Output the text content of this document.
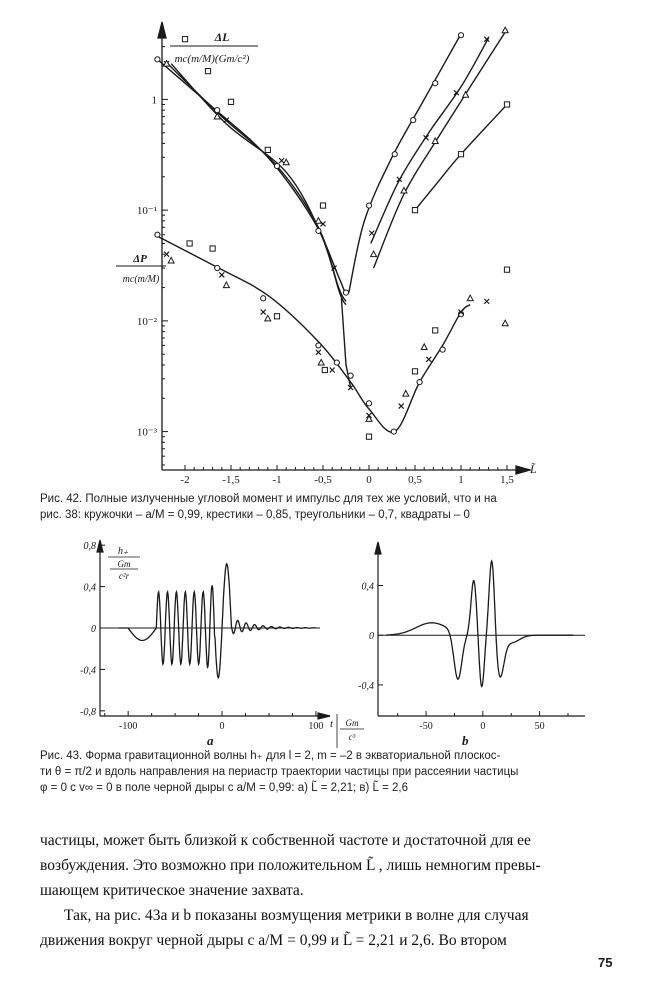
-2	-1,5	-1	-0,5	0	0,5	1	1,5
1
10⁻¹
10⁻²
10⁻³
ΔL
mc(m/M)(Gm/c²)
ΔP
mc(m/M)
L̃
Рис. 42. Полные излученные угловой момент и импульс для тех же условий, что и на
рис. 38: кружочки – a/M = 0,99, крестики – 0,85, треугольники – 0,7, квадраты – 0
0,8
0,4
0
-0,4
-0,8
-100	0	100
h₊
Gm
c²r
t Gm
c³
a
0,4
0
-0,4
-50	0	50
b
Рис. 43. Форма гравитационной волны h₊ для l = 2, m = –2 в экваториальной плоскос-
ти θ = π/2 и вдоль направления на периастр траектории частицы при рассеянии частицы
φ = 0 с v∞ = 0 в поле черной дыры с a/M = 0,99: а) L̃ = 2,21; в) L̃ = 2,6
частицы, может быть близкой к собственной частоте и достаточной для ее
возбуждения. Это возможно при положительном L̃ , лишь немногим превы-
шающем критическое значение захвата.
Так, на рис. 43а и b показаны возмущения метрики в волне для случая
движения вокруг черной дыры с a/M = 0,99 и L̃ = 2,21 и 2,6. Во втором
75
